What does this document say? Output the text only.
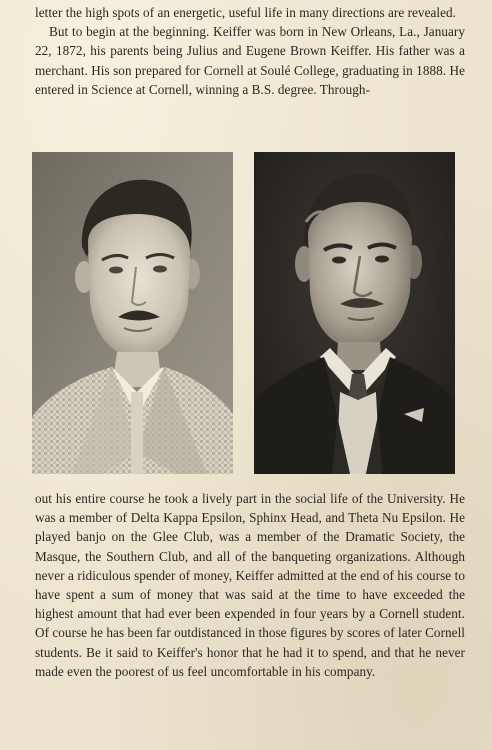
letter the high spots of an energetic, useful life in many directions are revealed.

But to begin at the beginning. Keiffer was born in New Orleans, La., January 22, 1872, his parents being Julius and Eugene Brown Keiffer. His father was a merchant. His son prepared for Cornell at Soulé College, graduating in 1888. He entered in Science at Cornell, winning a B.S. degree. Through-

out his entire course he took a lively part in the social life of the University. He was a member of Delta Kappa Epsilon, Sphinx Head, and Theta Nu Epsilon. He played banjo on the Glee Club, was a member of the Dramatic Society, the Masque, the Southern Club, and all of the banqueting organizations. Although never a ridiculous spender of money, Keiffer admitted at the end of his course to have spent a sum of money that was said at the time to have exceeded the highest amount that had ever been expended in four years by a Cornell student. Of course he has been far outdistanced in those figures by scores of later Cornell students. Be it said to Keiffer's honor that he had it to spend, and that he never made even the poorest of us feel uncomfortable in his company.
